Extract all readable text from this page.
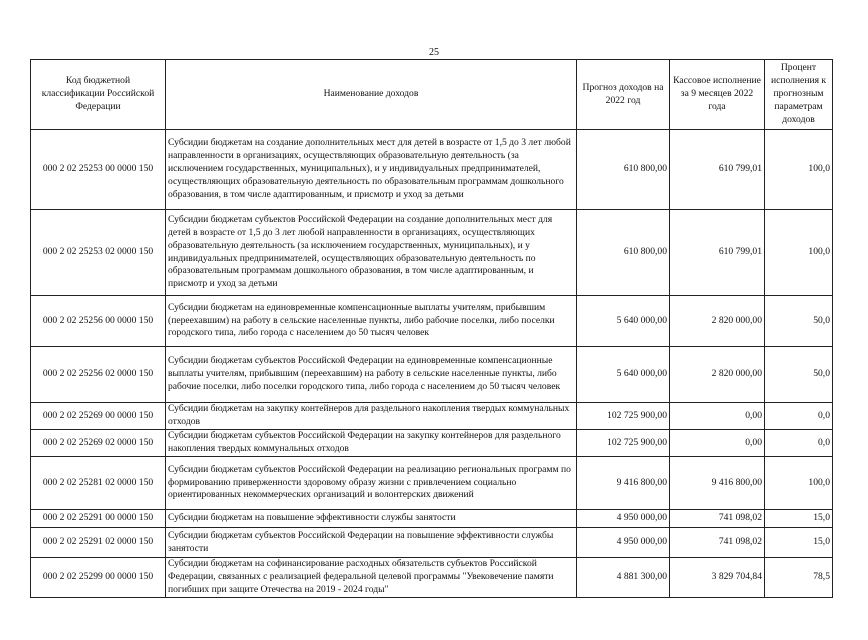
25
Код бюджетной классификации Российской Федерации	Наименование доходов	Прогноз доходов на 2022 год	Кассовое исполнение за 9 месяцев 2022 года	Процент исполнения к прогнозным параметрам доходов
000 2 02 25253 00 0000 150	Субсидии бюджетам на создание дополнительных мест для детей в возрасте от 1,5 до 3 лет любой направленности в организациях, осуществляющих образовательную деятельность (за исключением государственных, муниципальных), и у индивидуальных предпринимателей, осуществляющих образовательную деятельность по образовательным программам дошкольного образования, в том числе адаптированным, и присмотр и уход за детьми	610 800,00	610 799,01	100,0
000 2 02 25253 02 0000 150	Субсидии бюджетам субъектов Российской Федерации на создание дополнительных мест для детей в возрасте от 1,5 до 3 лет любой направленности в организациях, осуществляющих образовательную деятельность (за исключением государственных, муниципальных), и у индивидуальных предпринимателей, осуществляющих образовательную деятельность по образовательным программам дошкольного образования, в том числе адаптированным, и присмотр и уход за детьми	610 800,00	610 799,01	100,0
000 2 02 25256 00 0000 150	Субсидии бюджетам на единовременные компенсационные выплаты учителям, прибывшим (переехавшим) на работу в сельские населенные пункты, либо рабочие поселки, либо поселки городского типа, либо города с населением до 50 тысяч человек	5 640 000,00	2 820 000,00	50,0
000 2 02 25256 02 0000 150	Субсидии бюджетам субъектов Российской Федерации на единовременные компенсационные выплаты учителям, прибывшим (переехавшим) на работу в сельские населенные пункты, либо рабочие поселки, либо поселки городского типа, либо города с населением до 50 тысяч человек	5 640 000,00	2 820 000,00	50,0
000 2 02 25269 00 0000 150	Субсидии бюджетам на закупку контейнеров для раздельного накопления твердых коммунальных отходов	102 725 900,00	0,00	0,0
000 2 02 25269 02 0000 150	Субсидии бюджетам субъектов Российской Федерации на закупку контейнеров для раздельного накопления твердых коммунальных отходов	102 725 900,00	0,00	0,0
000 2 02 25281 02 0000 150	Субсидии бюджетам субъектов Российской Федерации на реализацию региональных программ по формированию приверженности здоровому образу жизни с привлечением социально ориентированных некоммерческих организаций и волонтерских движений	9 416 800,00	9 416 800,00	100,0
000 2 02 25291 00 0000 150	Субсидии бюджетам на повышение эффективности службы занятости	4 950 000,00	741 098,02	15,0
000 2 02 25291 02 0000 150	Субсидии бюджетам субъектов Российской Федерации на повышение эффективности службы занятости	4 950 000,00	741 098,02	15,0
000 2 02 25299 00 0000 150	Субсидии бюджетам на софинансирование расходных обязательств субъектов Российской Федерации, связанных с реализацией федеральной целевой программы "Увековечение памяти погибших при защите Отечества на 2019 - 2024 годы"	4 881 300,00	3 829 704,84	78,5
